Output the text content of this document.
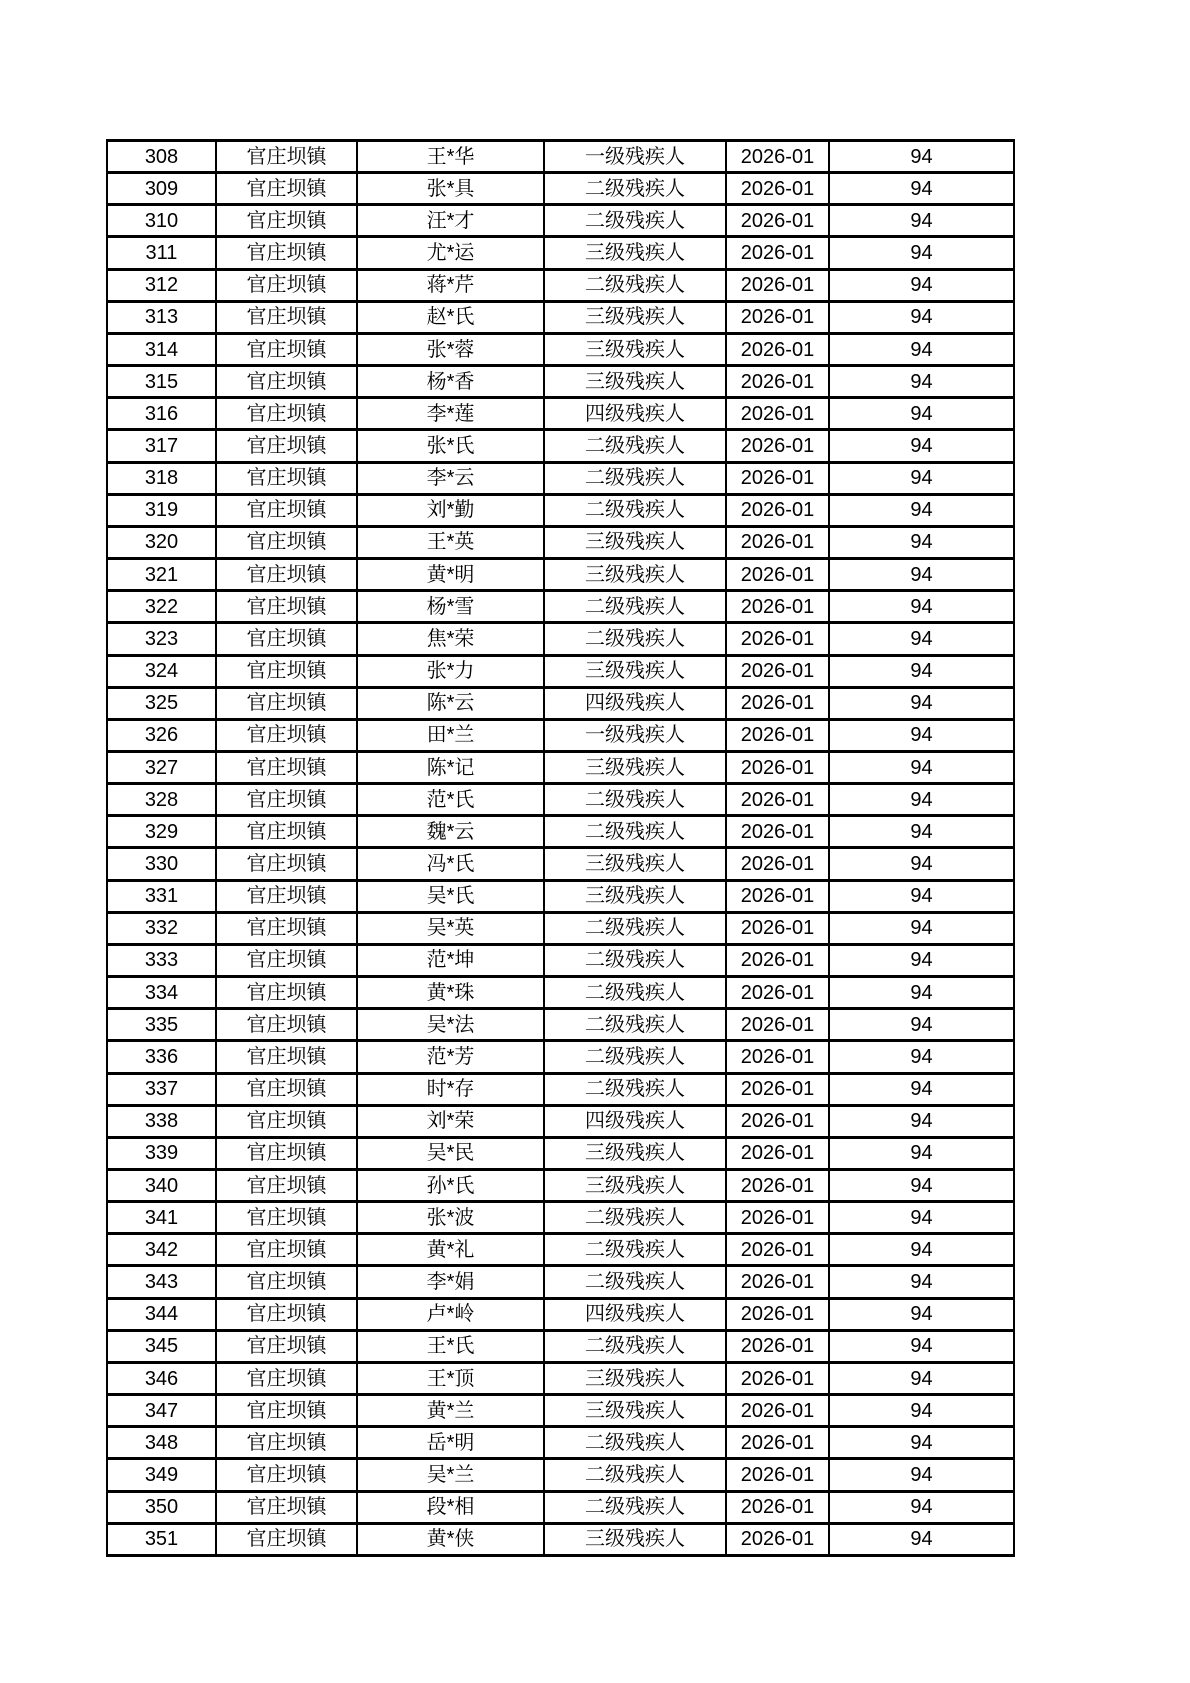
308	官庄坝镇	王*华	一级残疾人	2026-01	94
309	官庄坝镇	张*具	二级残疾人	2026-01	94
310	官庄坝镇	汪*才	二级残疾人	2026-01	94
311	官庄坝镇	尤*运	三级残疾人	2026-01	94
312	官庄坝镇	蒋*芹	二级残疾人	2026-01	94
313	官庄坝镇	赵*氏	三级残疾人	2026-01	94
314	官庄坝镇	张*蓉	三级残疾人	2026-01	94
315	官庄坝镇	杨*香	三级残疾人	2026-01	94
316	官庄坝镇	李*莲	四级残疾人	2026-01	94
317	官庄坝镇	张*氏	二级残疾人	2026-01	94
318	官庄坝镇	李*云	二级残疾人	2026-01	94
319	官庄坝镇	刘*勤	二级残疾人	2026-01	94
320	官庄坝镇	王*英	三级残疾人	2026-01	94
321	官庄坝镇	黄*明	三级残疾人	2026-01	94
322	官庄坝镇	杨*雪	二级残疾人	2026-01	94
323	官庄坝镇	焦*荣	二级残疾人	2026-01	94
324	官庄坝镇	张*力	三级残疾人	2026-01	94
325	官庄坝镇	陈*云	四级残疾人	2026-01	94
326	官庄坝镇	田*兰	一级残疾人	2026-01	94
327	官庄坝镇	陈*记	三级残疾人	2026-01	94
328	官庄坝镇	范*氏	二级残疾人	2026-01	94
329	官庄坝镇	魏*云	二级残疾人	2026-01	94
330	官庄坝镇	冯*氏	三级残疾人	2026-01	94
331	官庄坝镇	吴*氏	三级残疾人	2026-01	94
332	官庄坝镇	吴*英	二级残疾人	2026-01	94
333	官庄坝镇	范*坤	二级残疾人	2026-01	94
334	官庄坝镇	黄*珠	二级残疾人	2026-01	94
335	官庄坝镇	吴*法	二级残疾人	2026-01	94
336	官庄坝镇	范*芳	二级残疾人	2026-01	94
337	官庄坝镇	时*存	二级残疾人	2026-01	94
338	官庄坝镇	刘*荣	四级残疾人	2026-01	94
339	官庄坝镇	吴*民	三级残疾人	2026-01	94
340	官庄坝镇	孙*氏	三级残疾人	2026-01	94
341	官庄坝镇	张*波	二级残疾人	2026-01	94
342	官庄坝镇	黄*礼	二级残疾人	2026-01	94
343	官庄坝镇	李*娟	二级残疾人	2026-01	94
344	官庄坝镇	卢*岭	四级残疾人	2026-01	94
345	官庄坝镇	王*氏	二级残疾人	2026-01	94
346	官庄坝镇	王*顶	三级残疾人	2026-01	94
347	官庄坝镇	黄*兰	三级残疾人	2026-01	94
348	官庄坝镇	岳*明	二级残疾人	2026-01	94
349	官庄坝镇	吴*兰	二级残疾人	2026-01	94
350	官庄坝镇	段*相	二级残疾人	2026-01	94
351	官庄坝镇	黄*侠	三级残疾人	2026-01	94
